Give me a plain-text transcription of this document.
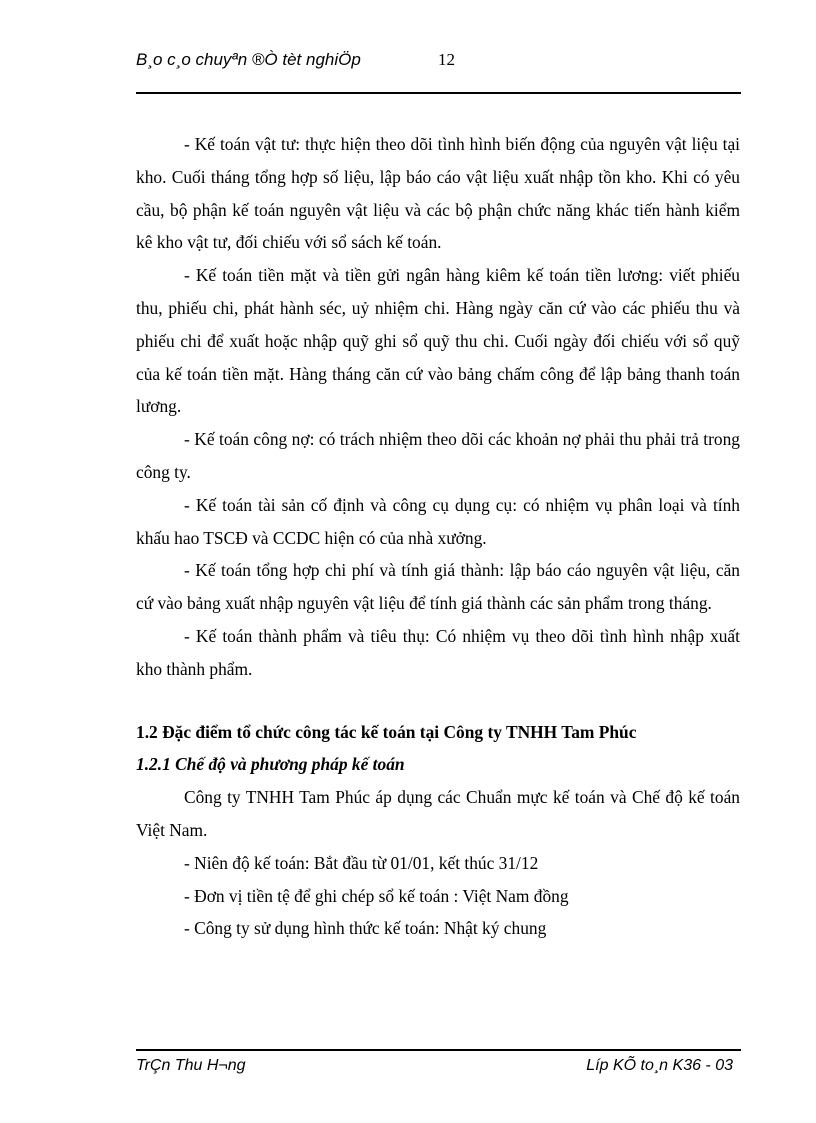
B¸o c¸o chuyªn ®Ò tèt nghiÖp	12

- Kế toán vật tư: thực hiện theo dõi tình hình biến động của nguyên vật liệu tại kho. Cuối tháng tổng hợp số liệu, lập báo cáo vật liệu xuất nhập tồn kho. Khi có yêu cầu, bộ phận kế toán nguyên vật liệu và các bộ phận chức năng khác tiến hành kiểm kê kho vật tư, đối chiếu với sổ sách kế toán.

- Kế toán tiền mặt và tiền gửi ngân hàng kiêm kế toán tiền lương: viết phiếu thu, phiếu chi, phát hành séc, uỷ nhiệm chi. Hàng ngày căn cứ vào các phiếu thu và phiếu chi để xuất hoặc nhập quỹ ghi sổ quỹ thu chi. Cuối ngày đối chiếu với sổ quỹ của kế toán tiền mặt. Hàng tháng căn cứ vào bảng chấm công để lập bảng thanh toán lương.

- Kế toán công nợ: có trách nhiệm theo dõi các khoản nợ phải thu phải trả trong công ty.

- Kế toán tài sản cố định và công cụ dụng cụ: có nhiệm vụ phân loại và tính khấu hao TSCĐ và CCDC hiện có của nhà xưởng.

- Kế toán tổng hợp chi phí và tính giá thành: lập báo cáo nguyên vật liệu, căn cứ vào bảng xuất nhập nguyên vật liệu để tính giá thành các sản phẩm trong tháng.

- Kế toán thành phẩm và tiêu thụ: Có nhiệm vụ theo dõi tình hình nhập xuất kho thành phẩm.

1.2 Đặc điểm tổ chức công tác kế toán tại Công ty TNHH Tam Phúc

1.2.1 Chế độ và phương pháp kế toán

Công ty TNHH Tam Phúc áp dụng các Chuẩn mực kế toán và Chế độ kế toán Việt Nam.

- Niên độ kế toán: Bắt đầu từ 01/01, kết thúc 31/12

- Đơn vị tiền tệ để ghi chép sổ kế toán : Việt Nam đồng

- Công ty sử dụng hình thức kế toán: Nhật ký chung

TrÇn Thu H¬ng	Líp KÕ to¸n K36 - 03
